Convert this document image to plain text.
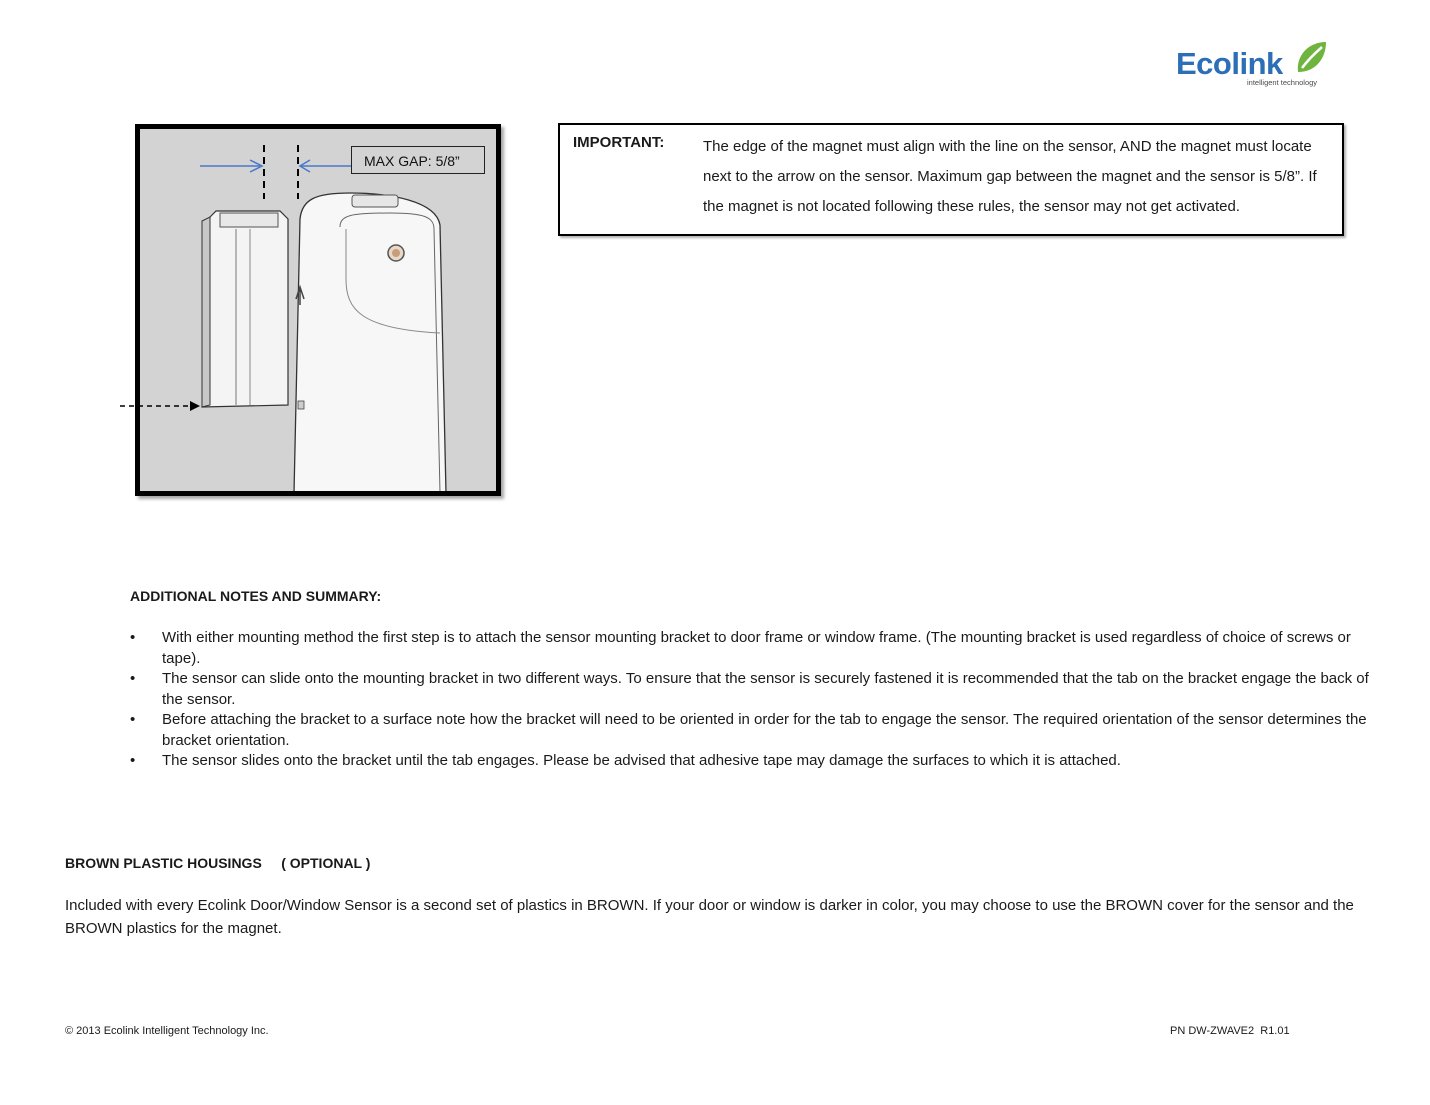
Ecolink
intelligent technology
MAX GAP: 5/8”
IMPORTANT:	The edge of the magnet must align with the line on the sensor, AND the magnet must locate next to the arrow on the sensor. Maximum gap between the magnet and the sensor is 5/8”. If the magnet is not located following these rules, the sensor may not get activated.
ADDITIONAL NOTES AND SUMMARY:
• With either mounting method the first step is to attach the sensor mounting bracket to door frame or window frame. (The mounting bracket is used regardless of choice of screws or tape).
• The sensor can slide onto the mounting bracket in two different ways. To ensure that the sensor is securely fastened it is recommended that the tab on the bracket engage the back of the sensor.
• Before attaching the bracket to a surface note how the bracket will need to be oriented in order for the tab to engage the sensor. The required orientation of the sensor determines the bracket orientation.
• The sensor slides onto the bracket until the tab engages. Please be advised that adhesive tape may damage the surfaces to which it is attached.
BROWN PLASTIC HOUSINGS     ( OPTIONAL )
Included with every Ecolink Door/Window Sensor is a second set of plastics in BROWN. If your door or window is darker in color, you may choose to use the BROWN cover for the sensor and the BROWN plastics for the magnet.
© 2013 Ecolink Intelligent Technology Inc.	PN DW-ZWAVE2  R1.01
